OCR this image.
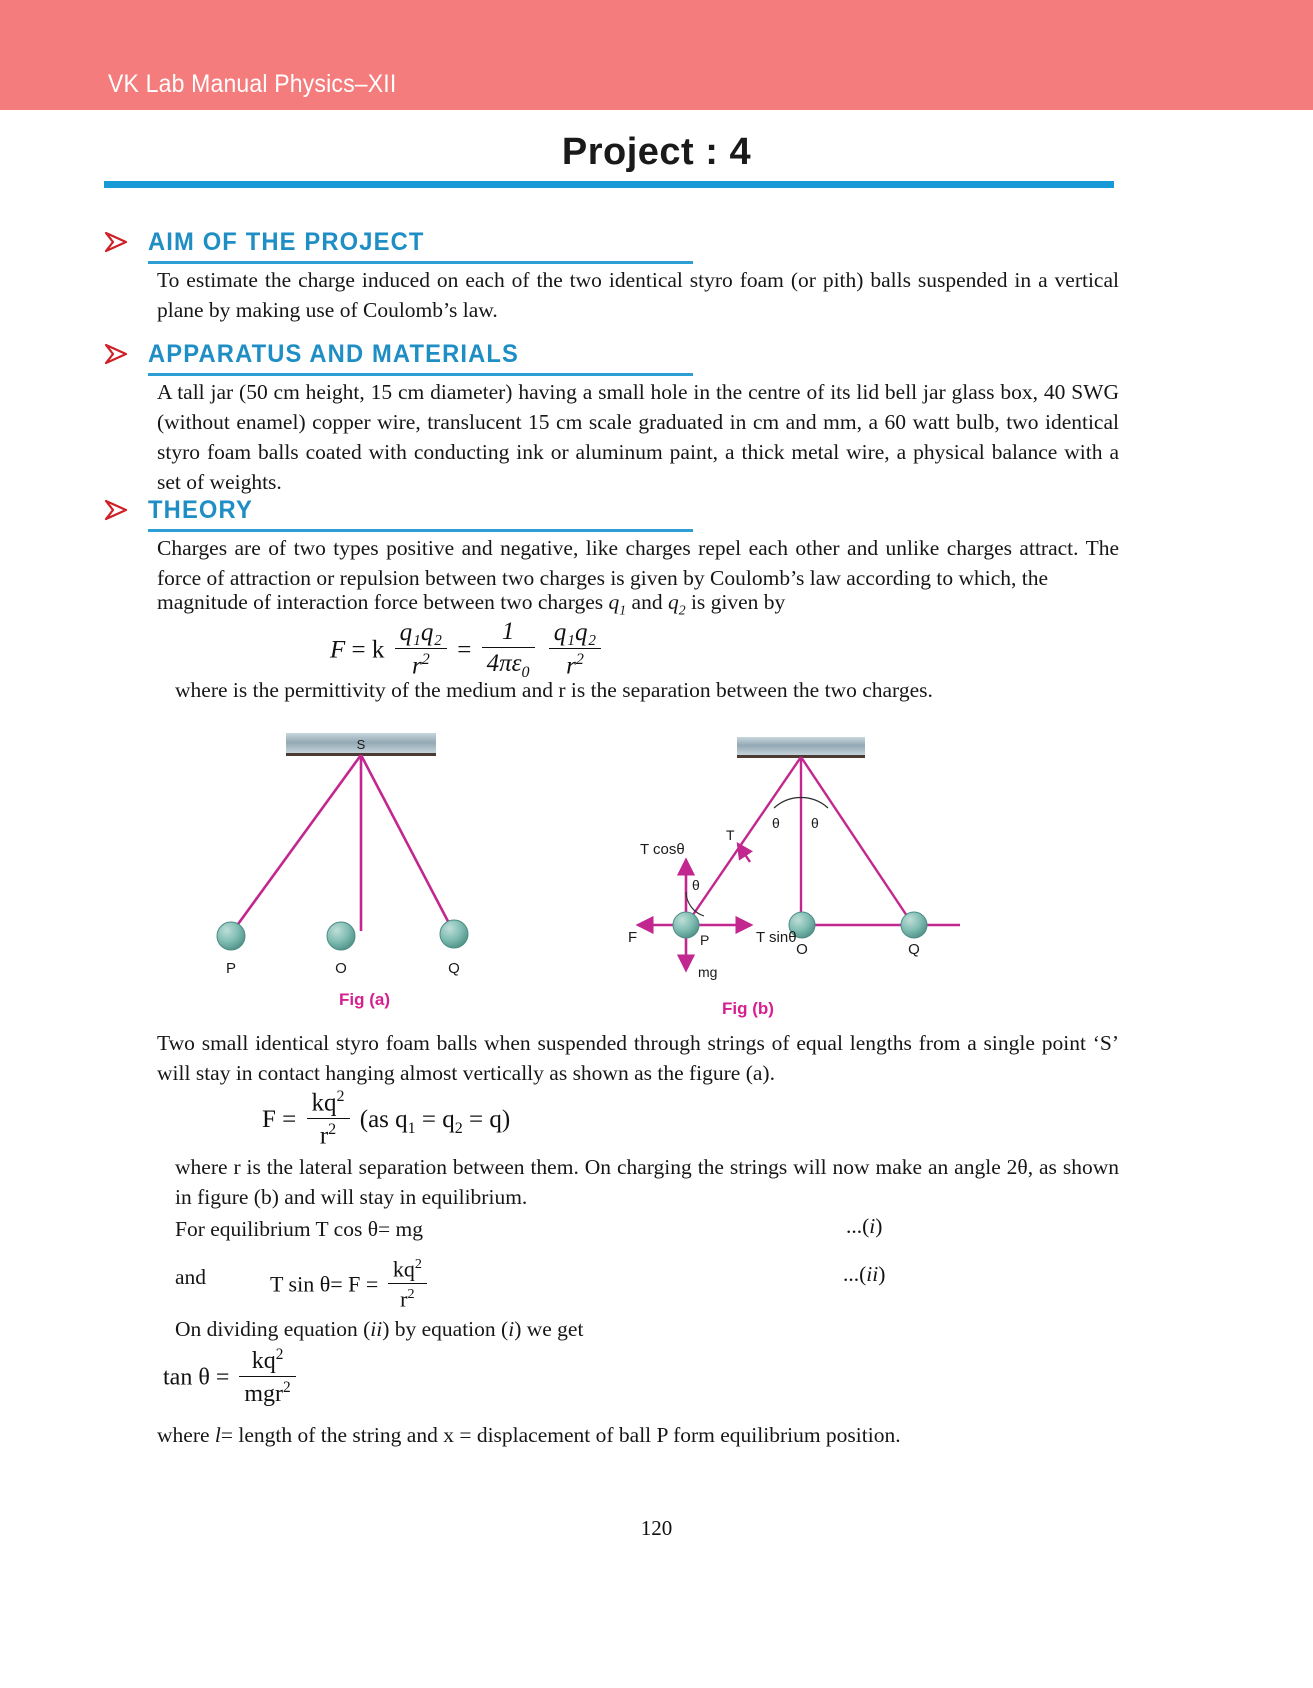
VK Lab Manual Physics–XII
Project : 4
AIM OF THE PROJECT
To estimate the charge induced on each of the two identical styro foam (or pith) balls suspended in a vertical plane by making use of Coulomb’s law.
APPARATUS AND MATERIALS
A tall jar (50 cm height, 15 cm diameter) having a small hole in the centre of its lid bell jar glass box, 40 SWG (without enamel) copper wire, translucent 15 cm scale graduated in cm and mm, a 60 watt bulb, two identical styro foam balls coated with conducting ink or aluminum paint, a thick metal wire, a physical balance with a set of weights.
THEORY
Charges are of two types positive and negative, like charges repel each other and unlike charges attract. The force of attraction or repulsion between two charges is given by Coulomb’s law according to which, the
magnitude of interaction force between two charges $q_1$ and $q_2$ is given by
F = k $\frac{\text{q₁q₂}}{r^2} = \frac{1}{4\pi\varepsilon_0}$
$\frac{\text{q₁q₂}}{r^2}$
where is the permittivity of the medium and r is the separation between the two charges.
S
P	O	Q
Fig (a)
T
θ θ
θ
F	P
O	Q
T cosθ
T sinθ
mg
Fig (b)
Two small identical styro foam balls when suspended through strings of equal lengths from a single point ‘S’ will stay in contact hanging almost vertically as shown as the figure (a).
$F = \frac{kq^2}{r^2} (as$ $q_1 = q_2 = q$)
where r is the lateral separation between them. On charging the strings will now make an angle 2θ, as shown in figure (b) and will stay in equilibrium.
For equilibrium T cos θ= mg	...(i)
and	T $\sin \theta= F = \frac{kq^2}{r^2}$	...(ii)
On dividing equation (ii) by equation (i) we get
$\tan \theta = \frac{kq^2}{mgr^2}$
where l= length of the string and x = displacement of ball P form equilibrium position.
120
